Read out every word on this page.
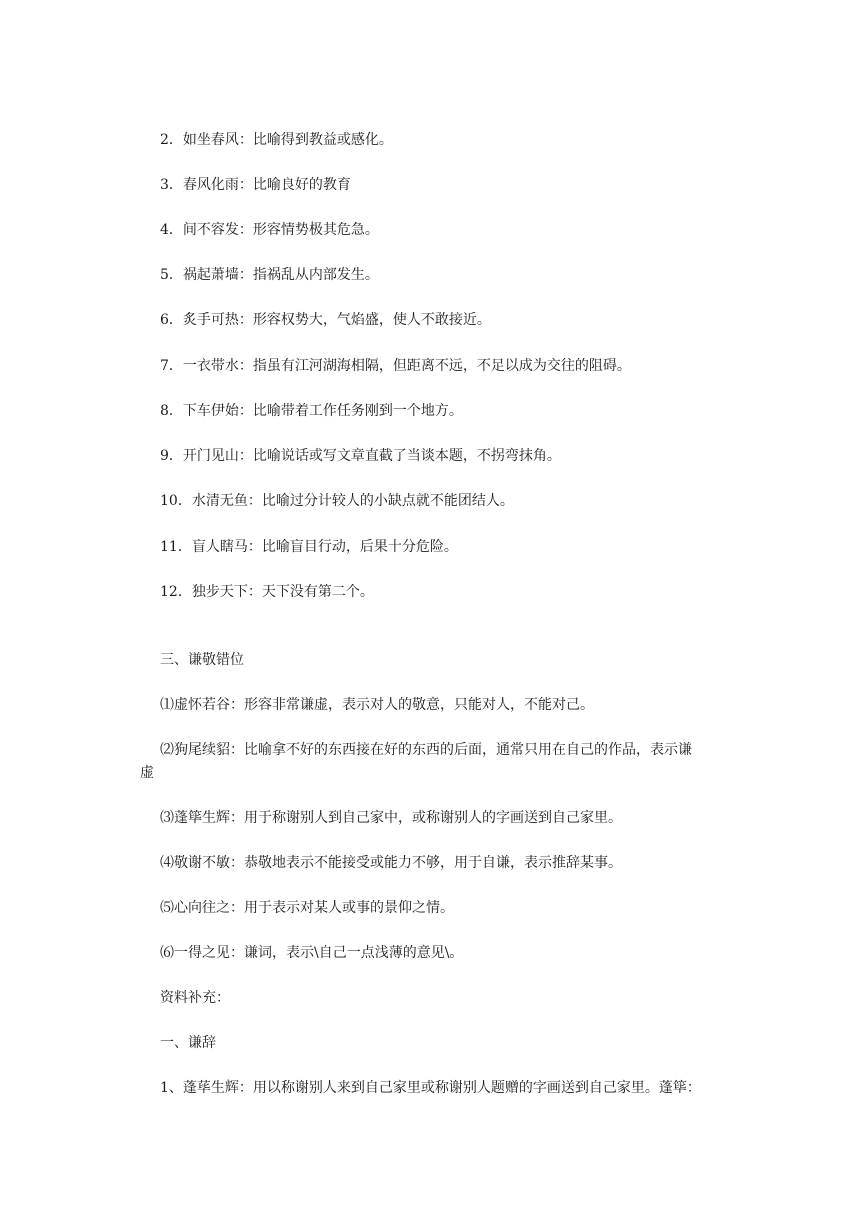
2．如坐春风：比喻得到教益或感化。
3．春风化雨：比喻良好的教育
4．间不容发：形容情势极其危急。
5．祸起萧墙：指祸乱从内部发生。
6．炙手可热：形容权势大，气焰盛，使人不敢接近。
7．一衣带水：指虽有江河湖海相隔，但距离不远，不足以成为交往的阻碍。
8．下车伊始：比喻带着工作任务刚到一个地方。
9．开门见山：比喻说话或写文章直截了当谈本题，不拐弯抹角。
10．水清无鱼：比喻过分计较人的小缺点就不能团结人。
11．盲人瞎马：比喻盲目行动，后果十分危险。
12．独步天下：天下没有第二个。
三、谦敬错位
⑴虚怀若谷：形容非常谦虚，表示对人的敬意，只能对人，不能对己。
⑵狗尾续貂：比喻拿不好的东西接在好的东西的后面，通常只用在自己的作品，表示谦
虚
⑶蓬筚生辉：用于称谢别人到自己家中，或称谢别人的字画送到自己家里。
⑷敬谢不敏：恭敬地表示不能接受或能力不够，用于自谦，表示推辞某事。
⑸心向往之：用于表示对某人或事的景仰之情。
⑹一得之见：谦词，表示\自己一点浅薄的意见\。
资料补充：
一、谦辞
1、蓬荜生辉：用以称谢别人来到自己家里或称谢别人题赠的字画送到自己家里。蓬筚：
